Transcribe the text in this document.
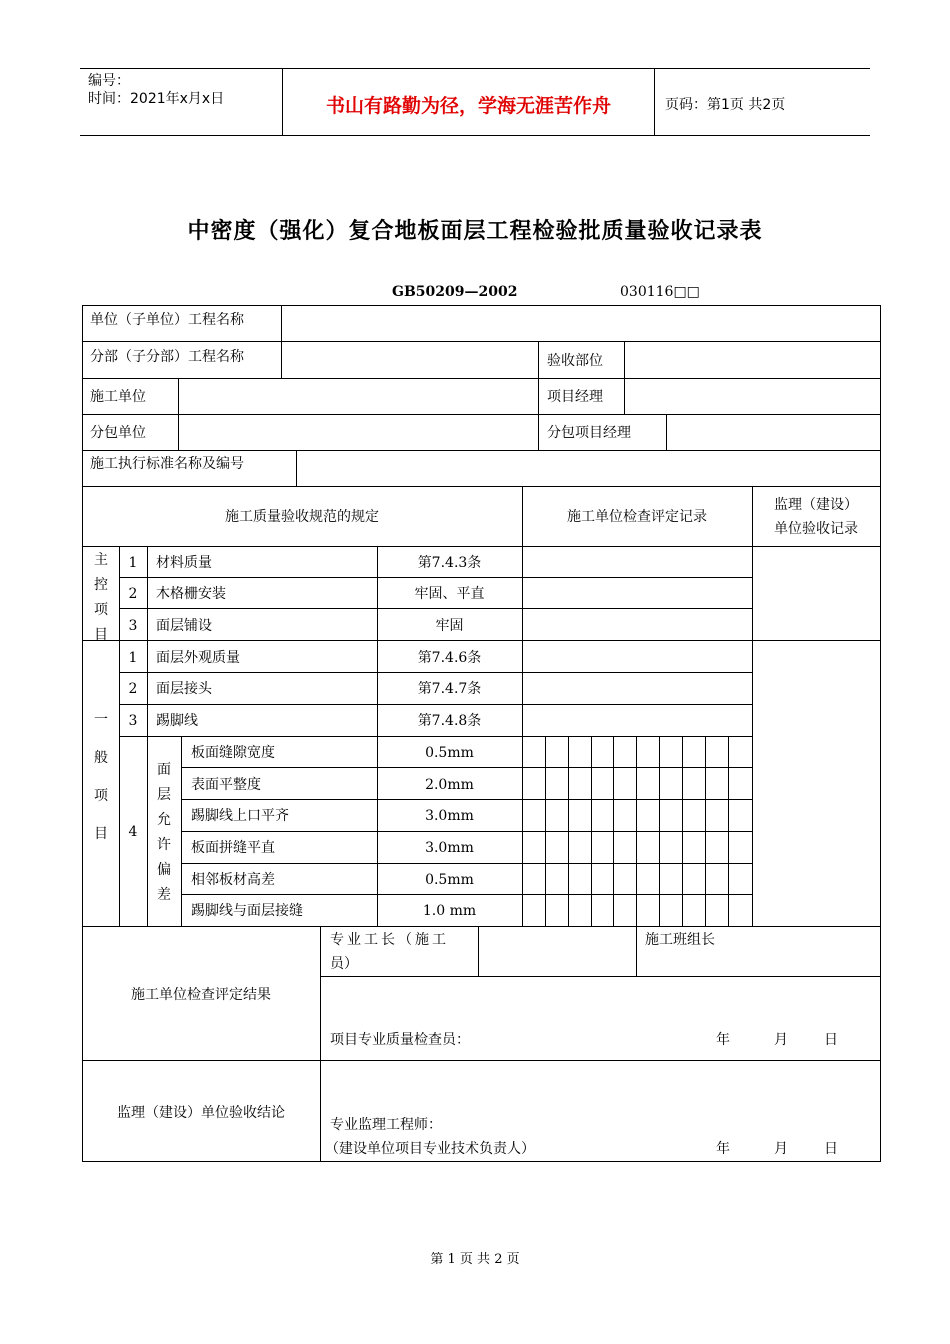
编号：
时间：2021年x月x日	书山有路勤为径，学海无涯苦作舟	页码：第1页 共2页
中密度（强化）复合地板面层工程检验批质量验收记录表
GB50209—2002	030116□□
单位（子单位）工程名称
分部（子分部）工程名称	验收部位
施工单位	项目经理
分包单位	分包项目经理
施工执行标准名称及编号
施工质量验收规范的规定	施工单位检查评定记录
监理（建设）
单位验收记录
主
控
项
目
1	材料质量	第7.4.3条
2	木格栅安装	牢固、平直
3	面层铺设	牢固
一
般
项
目
1	面层外观质量	第7.4.6条
2	面层接头	第7.4.7条
3	踢脚线	第7.4.8条
4
面
层
允
许
偏
差
板面缝隙宽度	0.5mm
表面平整度	2.0mm
踢脚线上口平齐	3.0mm
板面拼缝平直	3.0mm
相邻板材高差	0.5mm
踢脚线与面层接缝	1.0 mm
施工单位检查评定结果
专业工长（施工
员）
施工班组长
项目专业质量检查员：	年	月	日
监理（建设）单位验收结论
专业监理工程师：
（建设单位项目专业技术负责人）	年	月	日
第 1 页 共 2 页
